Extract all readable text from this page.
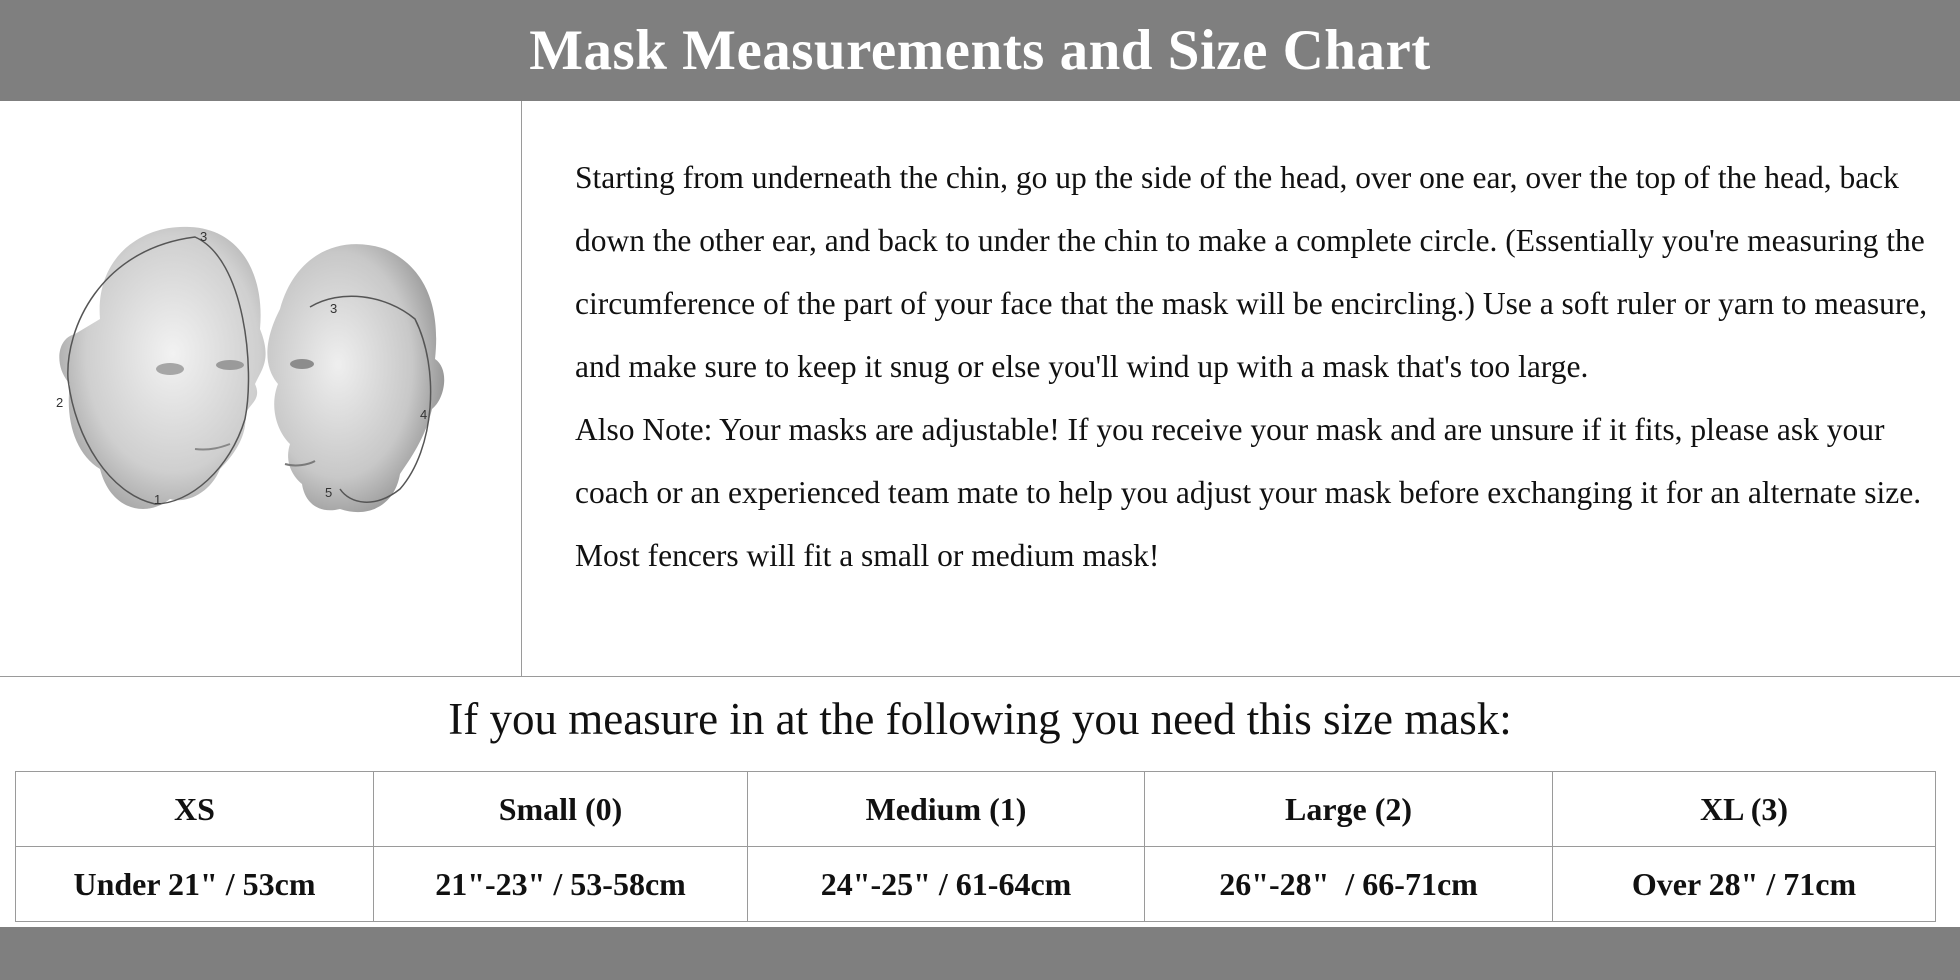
Mask Measurements and Size Chart
3
2
1
3
4
5

Starting from underneath the chin, go up the side of the head, over one ear, over the top of the head, back down the other ear, and back to under the chin to make a complete circle. (Essentially you're measuring the circumference of the part of your face that the mask will be encircling.) Use a soft ruler or yarn to measure, and make sure to keep it snug or else you'll wind up with a mask that's too large.

Also Note: Your masks are adjustable! If you receive your mask and are unsure if it fits, please ask your coach or an experienced team mate to help you adjust your mask before exchanging it for an alternate size. Most fencers will fit a small or medium mask!

If you measure in at the following you need this size mask:
XS	Small (0)	Medium (1)	Large (2)	XL (3)
Under 21" / 53cm	21"-23" / 53-58cm	24"-25" / 61-64cm	26"-28"  / 66-71cm	Over 28" / 71cm
